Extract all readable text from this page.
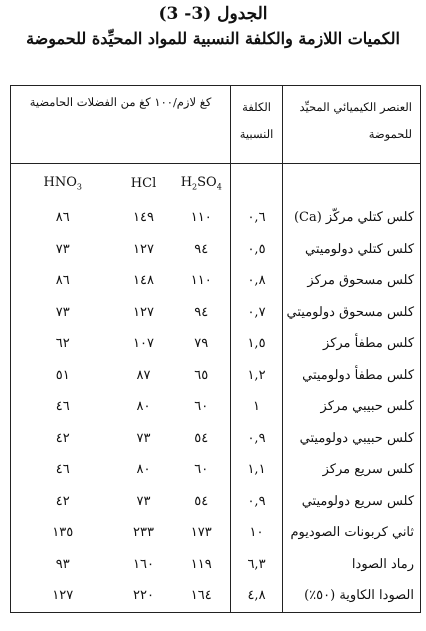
الجدول (3- 3)
الكميات اللازمة والكلفة النسبية للمواد المحيِّدة للحموضة
العنصر الكيميائي المحيِّد للحموضة	الكلفة النسبية	كغ لازم/١٠٠ كغ من الفضلات الحامضية		
		$H_2SO_4$	HCl	$HNO_3$
كلس كتلي مركّز (Ca)	٠,٦	١١٠	١٤٩	٨٦
كلس كتلي دولوميتي	٠,٥	٩٤	١٢٧	٧٣
كلس مسحوق مركز	٠,٨	١١٠	١٤٨	٨٦
كلس مسحوق دولوميتي	٠,٧	٩٤	١٢٧	٧٣
كلس مطفأ مركز	١,٥	٧٩	١٠٧	٦٢
كلس مطفأ دولوميتي	١,٢	٦٥	٨٧	٥١
كلس حبيبي مركز	١	٦٠	٨٠	٤٦
كلس حبيبي دولوميتي	٠,٩	٥٤	٧٣	٤٢
كلس سريع مركز	١,١	٦٠	٨٠	٤٦
كلس سريع دولوميتي	٠,٩	٥٤	٧٣	٤٢
ثاني كربونات الصوديوم	١٠	١٧٣	٢٣٣	١٣٥
رماد الصودا	٦,٣	١١٩	١٦٠	٩٣
الصودا الكاوية (٥٠٪)	٤,٨	١٦٤	٢٢٠	١٢٧
